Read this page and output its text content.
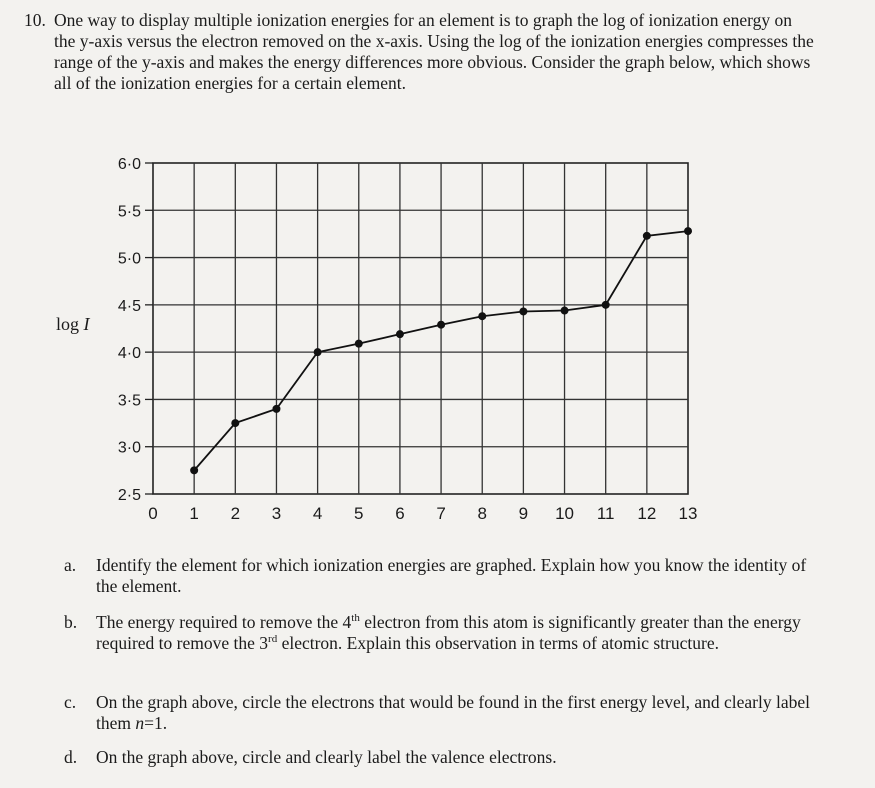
10. One way to display multiple ionization energies for an element is to graph the log of ionization energy on the y-axis versus the electron removed on the x-axis. Using the log of the ionization energies compresses the range of the y-axis and makes the energy differences more obvious. Consider the graph below, which shows all of the ionization energies for a certain element.
0 1 2 3 4 5 6 7 8 9 10 11 12 13
2·5
3·0
3·5
4·0
4·5
5·0
5·5
6·0
log I
a. Identify the element for which ionization energies are graphed. Explain how you know the identity of the element.
b. The energy required to remove the 4th electron from this atom is significantly greater than the energy required to remove the 3rd electron. Explain this observation in terms of atomic structure.
c. On the graph above, circle the electrons that would be found in the first energy level, and clearly label them n=1.
d. On the graph above, circle and clearly label the valence electrons.
